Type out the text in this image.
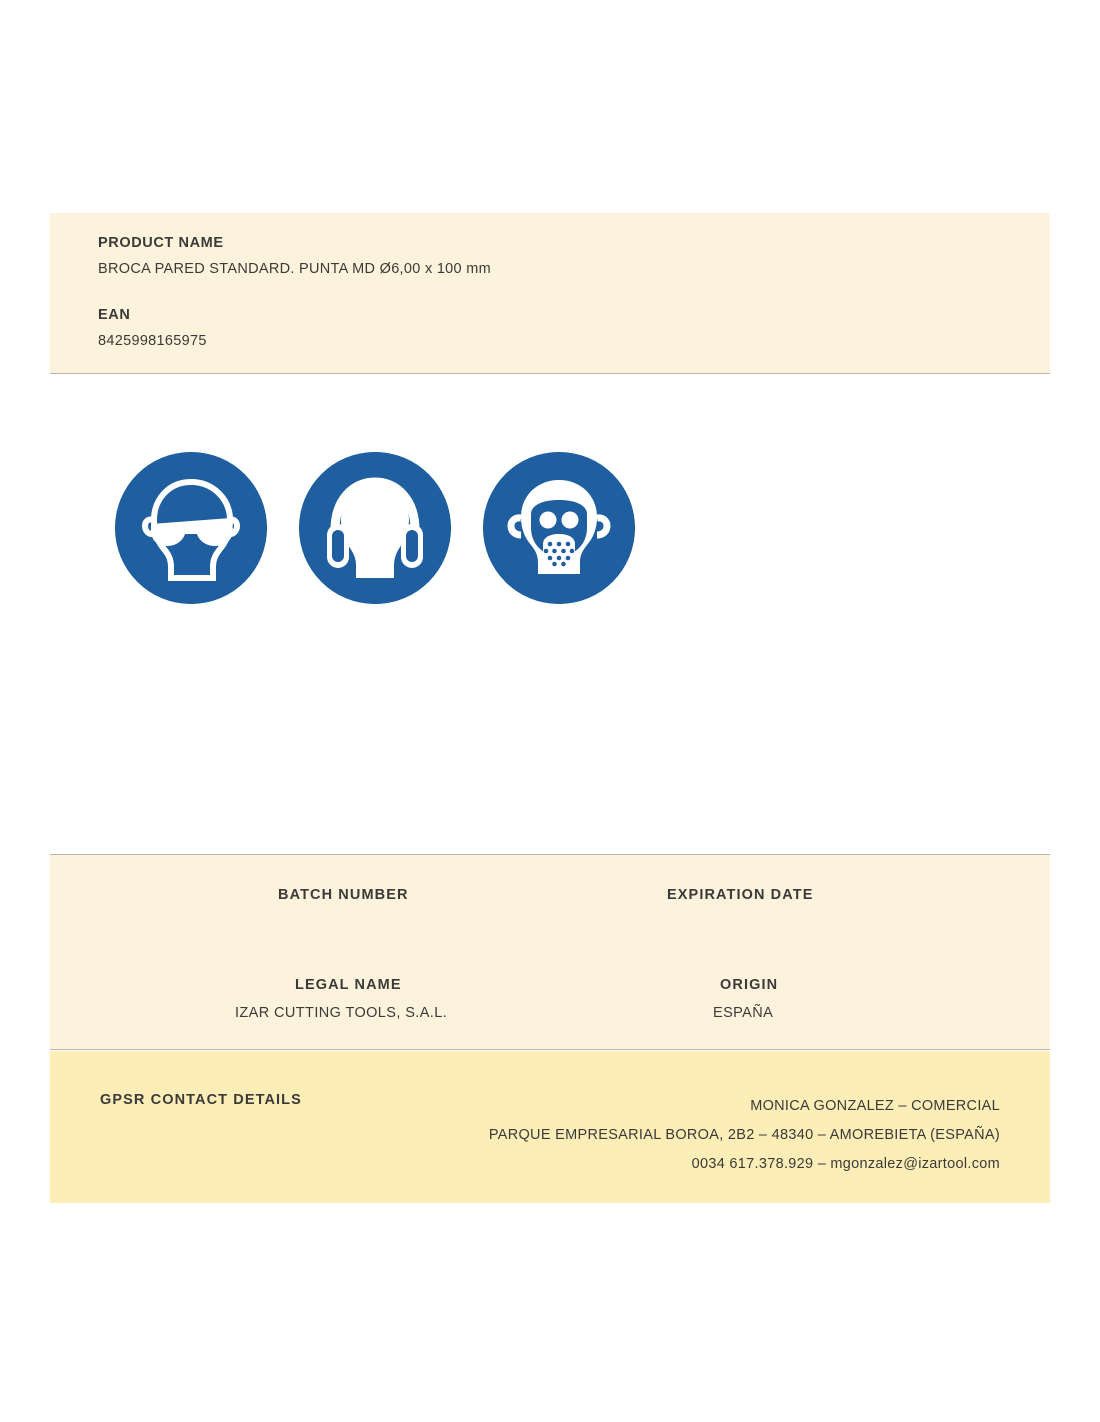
PRODUCT NAME
BROCA PARED STANDARD. PUNTA MD Ø6,00 x 100 mm
EAN
8425998165975
BATCH NUMBER	EXPIRATION DATE
LEGAL NAME
IZAR CUTTING TOOLS, S.A.L.
ORIGIN
ESPAÑA
GPSR CONTACT DETAILS	MONICA GONZALEZ – COMERCIAL
PARQUE EMPRESARIAL BOROA, 2B2 – 48340 – AMOREBIETA (ESPAÑA)
0034 617.378.929 – mgonzalez@izartool.com
